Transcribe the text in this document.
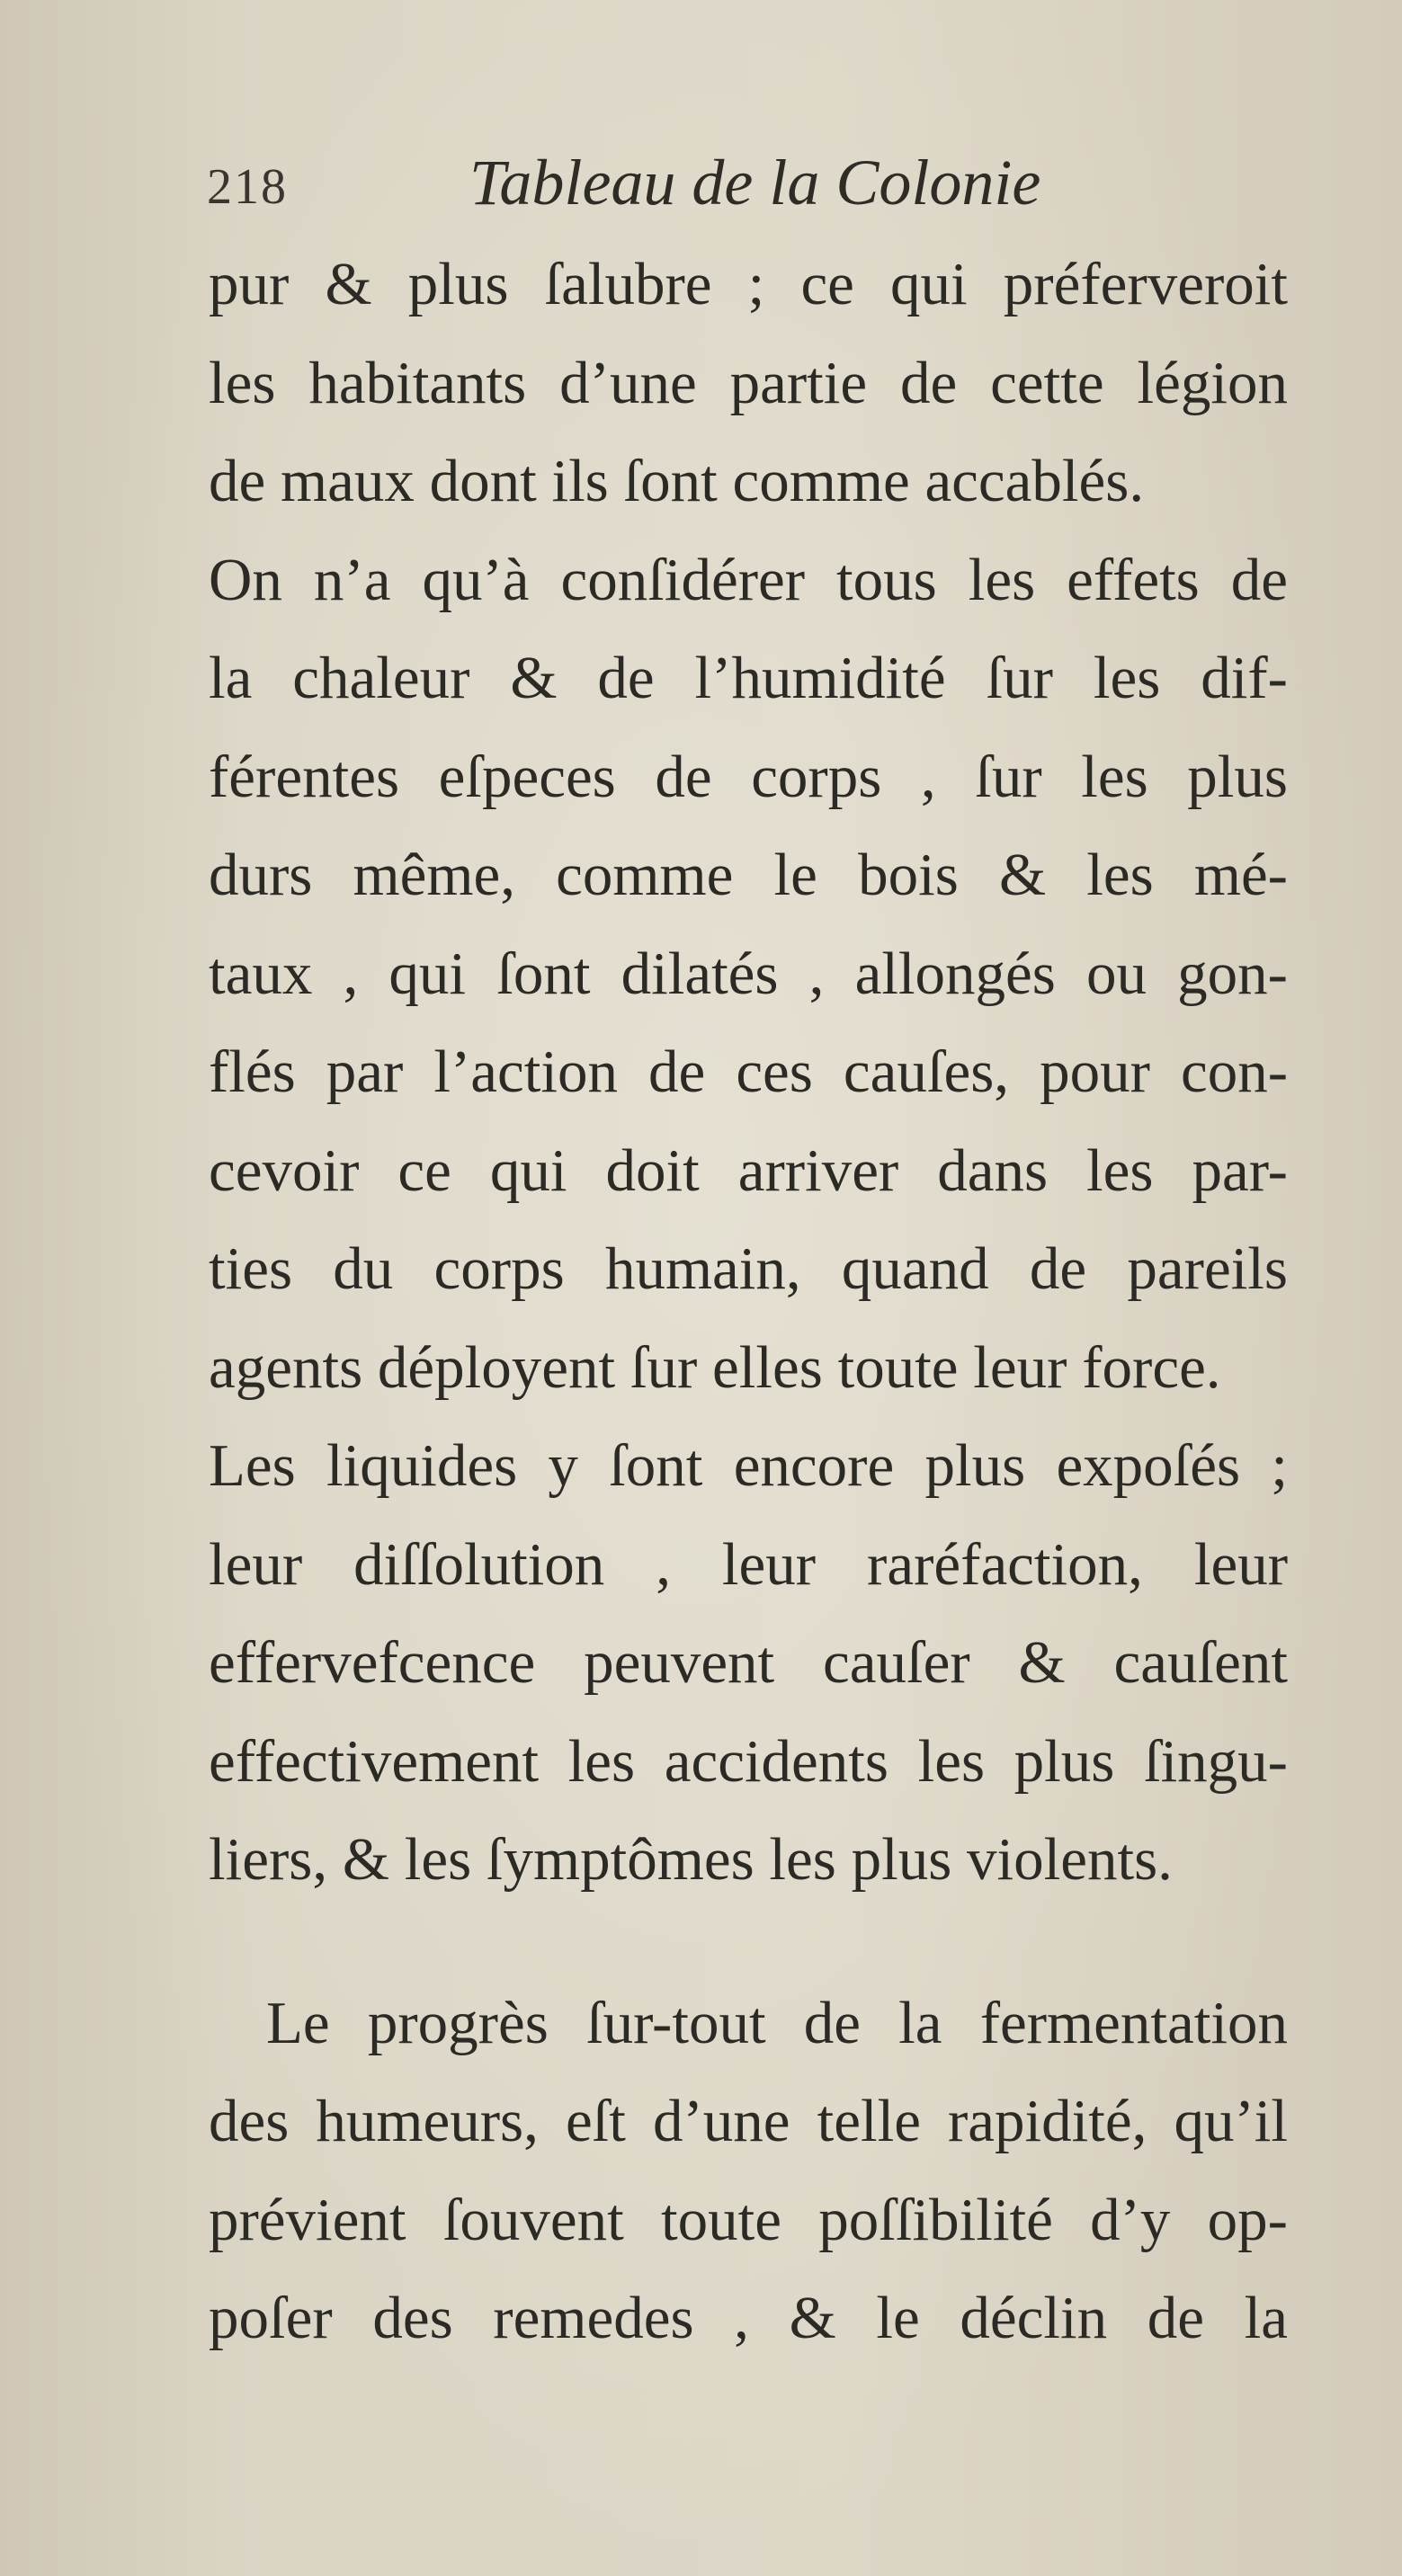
218	Tableau de la Colonie
pur & plus ſalubre ; ce qui préferveroit
les habitants d’une partie de cette légion
de maux dont ils ſont comme accablés.
On n’a qu’à conſidérer tous les effets de
la chaleur & de l’humidité ſur les dif-
férentes eſpeces de corps , ſur les plus
durs même, comme le bois & les mé-
taux , qui ſont dilatés , allongés ou gon-
flés par l’action de ces cauſes, pour con-
cevoir ce qui doit arriver dans les par-
ties du corps humain, quand de pareils
agents déployent ſur elles toute leur force.
Les liquides y ſont encore plus expoſés ;
leur diſſolution , leur raréfaction, leur
effervefcence peuvent cauſer & cauſent
effectivement les accidents les plus ſingu-
liers, & les ſymptômes les plus violents.
Le progrès ſur-tout de la fermentation
des humeurs, eſt d’une telle rapidité, qu’il
prévient ſouvent toute poſſibilité d’y op-
poſer des remedes , & le déclin de la
